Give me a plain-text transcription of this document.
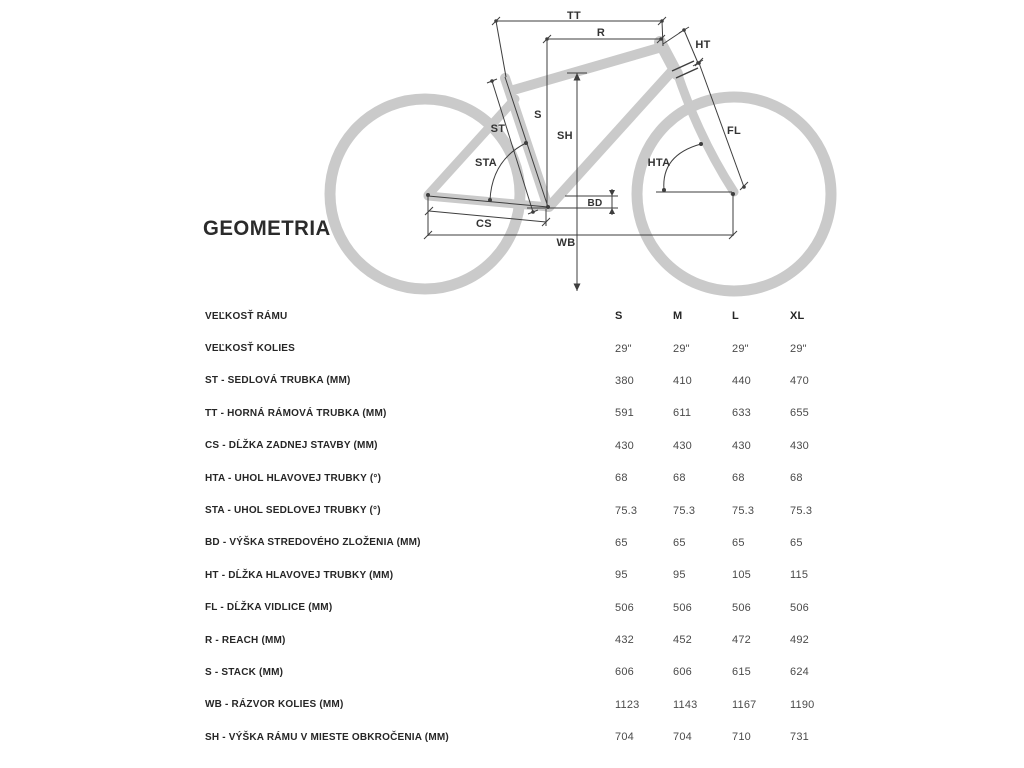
TT
R
HT
S
SH
ST
STA	HTA
BD
CS
WB
FL
GEOMETRIA
VEĽKOSŤ RÁMU	S	M	L	XL
VEĽKOSŤ KOLIES	29"	29"	29"	29"
ST - SEDLOVÁ TRUBKA (MM)	380	410	440	470
TT - HORNÁ RÁMOVÁ TRUBKA (MM)	591	611	633	655
CS - DĹŽKA ZADNEJ STAVBY (MM)	430	430	430	430
HTA - UHOL HLAVOVEJ TRUBKY (°)	68	68	68	68
STA - UHOL SEDLOVEJ TRUBKY (°)	75.3	75.3	75.3	75.3
BD - VÝŠKA STREDOVÉHO ZLOŽENIA (MM)	65	65	65	65
HT - DĹŽKA HLAVOVEJ TRUBKY (MM)	95	95	105	115
FL - DĹŽKA VIDLICE (MM)	506	506	506	506
R - REACH (MM)	432	452	472	492
S - STACK (MM)	606	606	615	624
WB - RÁZVOR KOLIES (MM)	1123	1143	1167	1190
SH - VÝŠKA RÁMU V MIESTE OBKROČENIA (MM)	704	704	710	731
